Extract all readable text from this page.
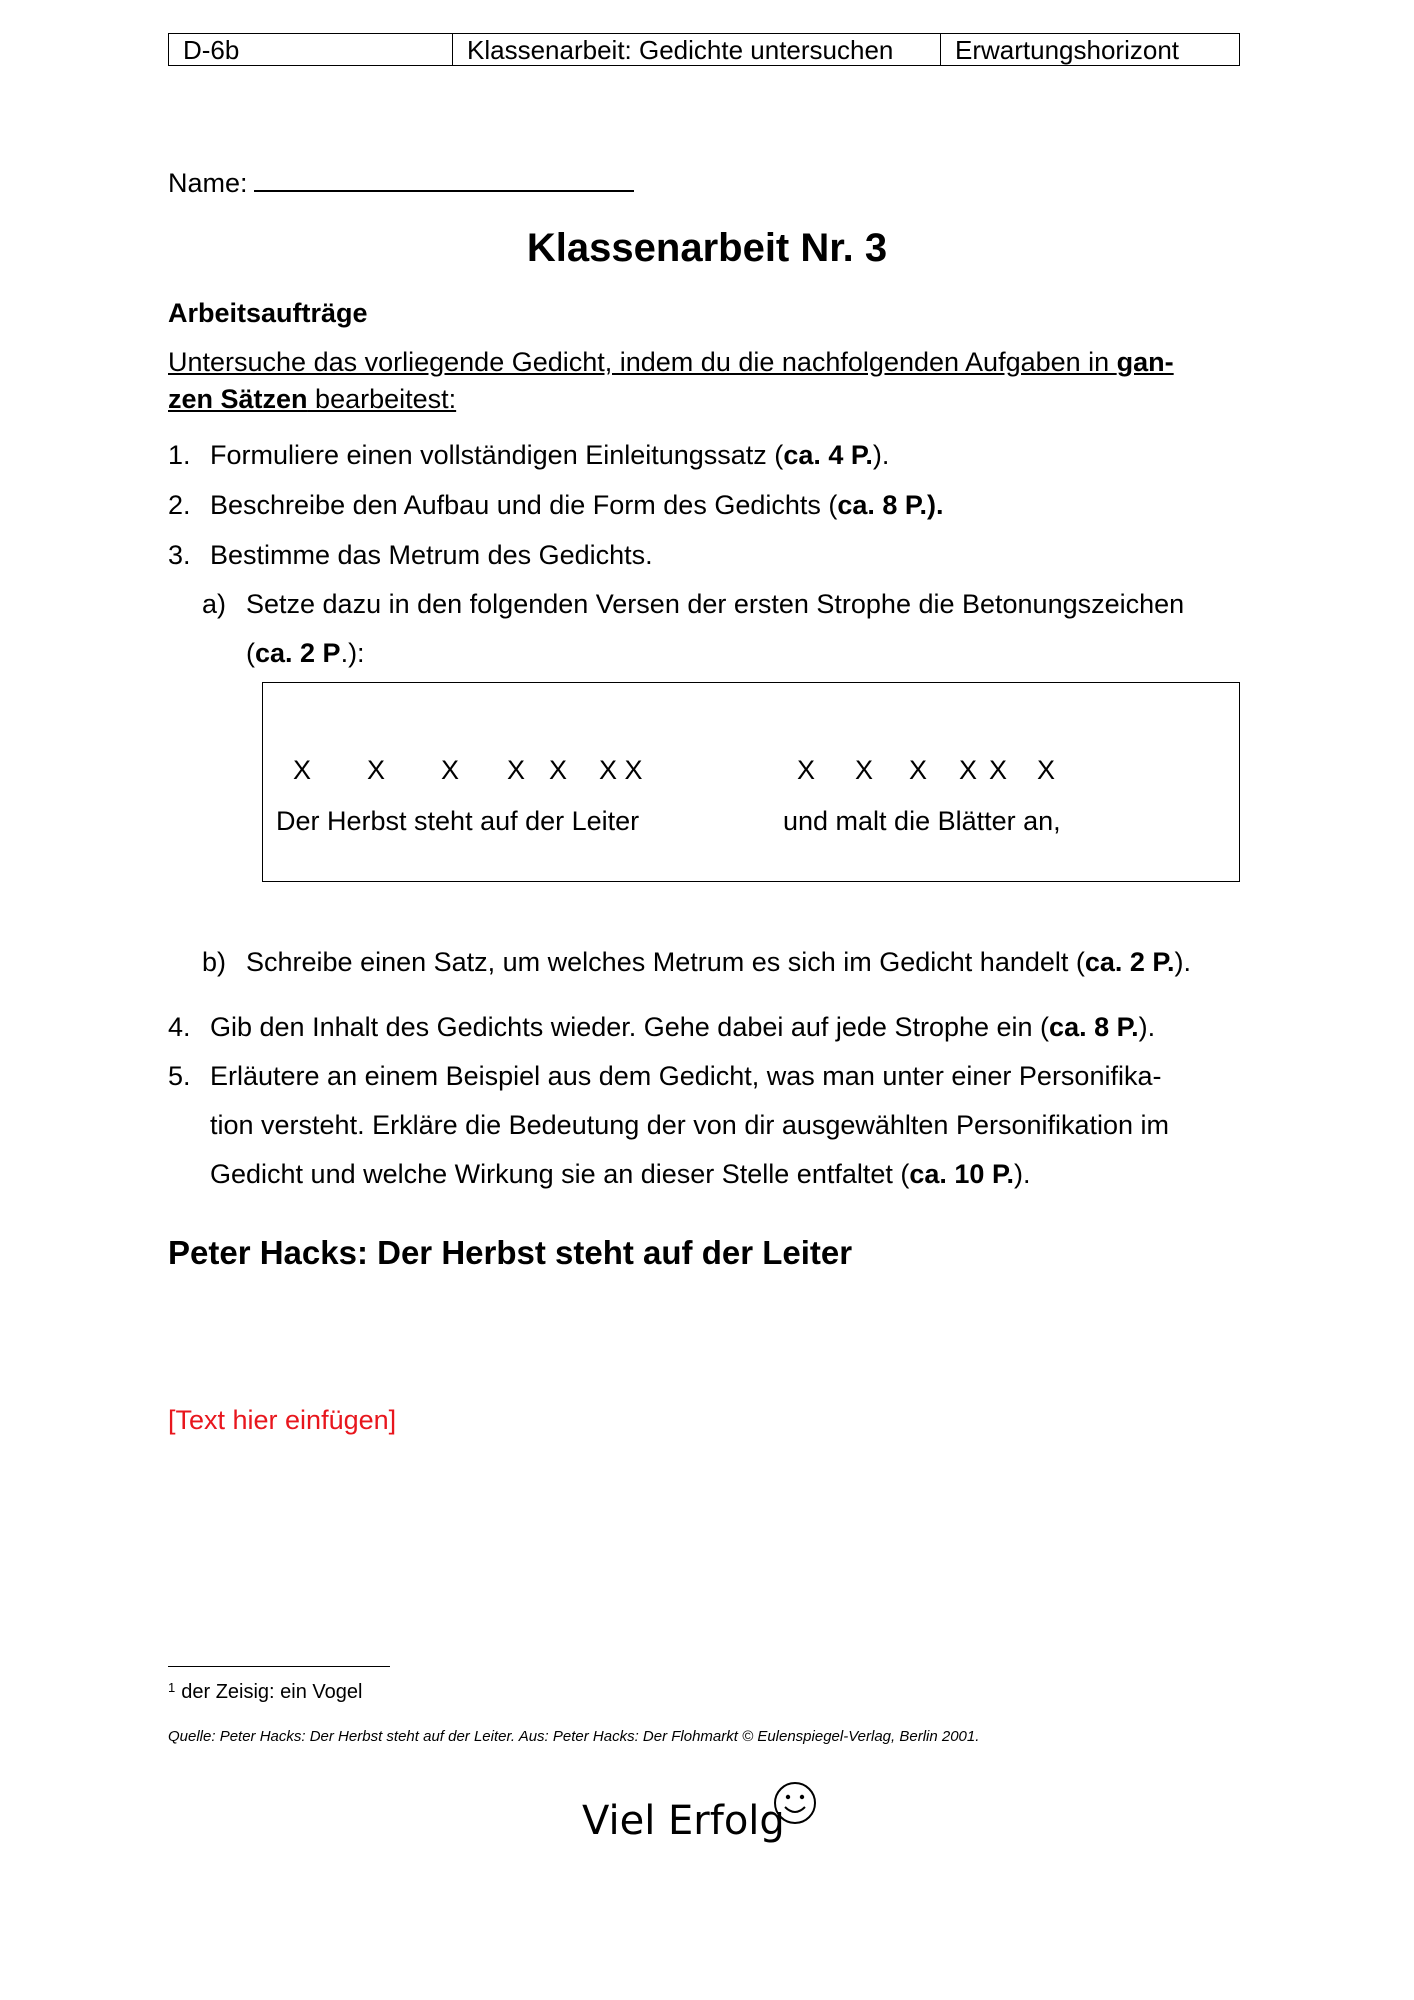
D-6b	Klassenarbeit: Gedichte untersuchen	Erwartungshorizont
Name:
Klassenarbeit Nr. 3
Arbeitsaufträge
Untersuche das vorliegende Gedicht, indem du die nachfolgenden Aufgaben in gan-
zen Sätzen bearbeitest:
1. Formuliere einen vollständigen Einleitungssatz (ca. 4 P.).
2. Beschreibe den Aufbau und die Form des Gedichts (ca. 8 P.).
3. Bestimme das Metrum des Gedichts.
a) Setze dazu in den folgenden Versen der ersten Strophe die Betonungszeichen
(ca. 2 P.):
X X X X X X X	X X X X X X
Der Herbst steht auf der Leiter	und malt die Blätter an,
b) Schreibe einen Satz, um welches Metrum es sich im Gedicht handelt (ca. 2 P.).
4. Gib den Inhalt des Gedichts wieder. Gehe dabei auf jede Strophe ein (ca. 8 P.).
5. Erläutere an einem Beispiel aus dem Gedicht, was man unter einer Personifika-
tion versteht. Erkläre die Bedeutung der von dir ausgewählten Personifikation im
Gedicht und welche Wirkung sie an dieser Stelle entfaltet (ca. 10 P.).
Peter Hacks: Der Herbst steht auf der Leiter
[Text hier einfügen]
$^1$ der Zeisig: ein Vogel
Quelle: Peter Hacks: Der Herbst steht auf der Leiter. Aus: Peter Hacks: Der Flohmarkt © Eulenspiegel-Verlag, Berlin 2001.
Viel Erfolg
